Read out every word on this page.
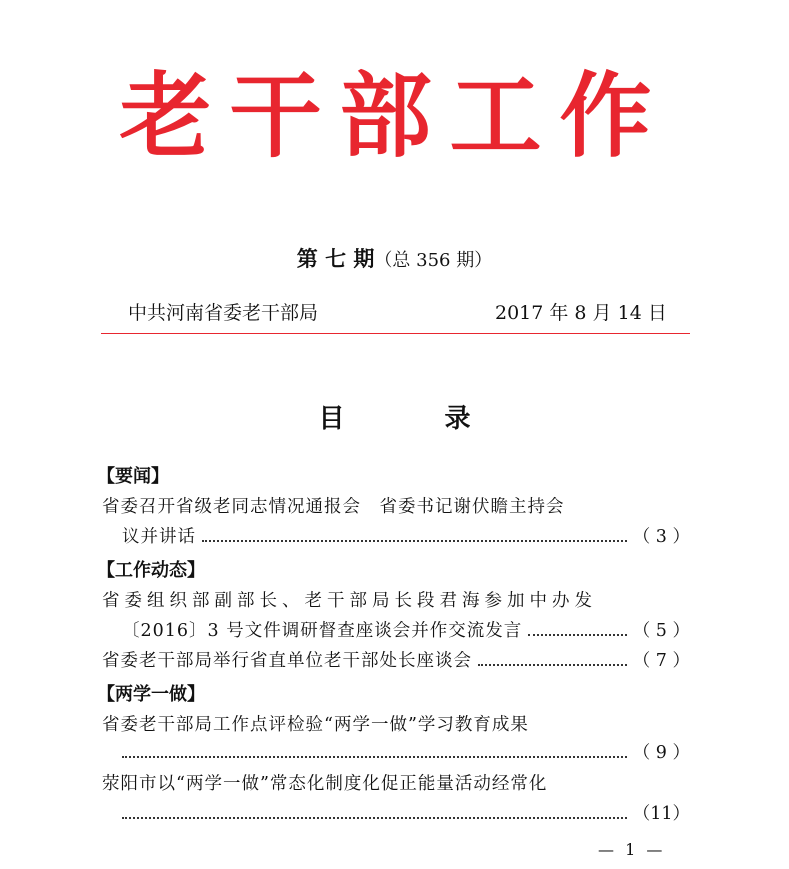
老干部工作
第 七 期（总 356 期）
中共河南省委老干部局	2017 年 8 月 14 日
目录
【要闻】
省委召开省级老同志情况通报会　省委书记谢伏瞻主持会
议并讲话	（ 3 ）
【工作动态】
省委组织部副部长、老干部局长段君海参加中办发
〔2016〕3 号文件调研督查座谈会并作交流发言	（ 5 ）
省委老干部局举行省直单位老干部处长座谈会	（ 7 ）
【两学一做】
省委老干部局工作点评检验“两学一做”学习教育成果
（ 9 ）
荥阳市以“两学一做”常态化制度化促正能量活动经常化
（11）
— 1 —
